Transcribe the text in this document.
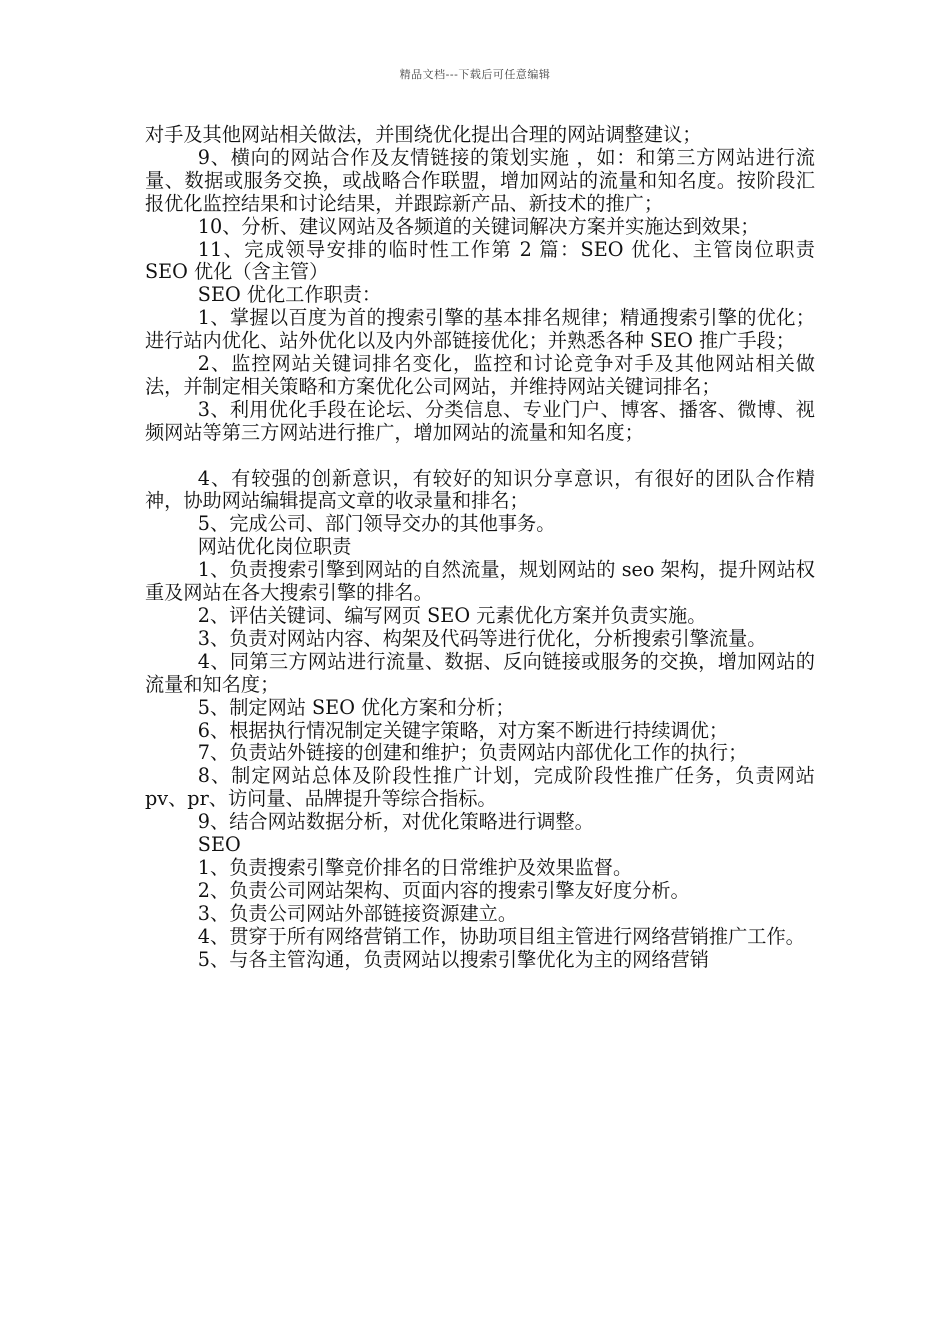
精品文档---下载后可任意编辑

对手及其他网站相关做法，并围绕优化提出合理的网站调整建议；

9、横向的网站合作及友情链接的策划实施 ，如：和第三方网站进行流量、数据或服务交换，或战略合作联盟，增加网站的流量和知名度。按阶段汇报优化监控结果和讨论结果，并跟踪新产品、新技术的推广；

10、分析、建议网站及各频道的关键词解决方案并实施达到效果；

11、完成领导安排的临时性工作第 2 篇：SEO 优化、主管岗位职责 SEO 优化（含主管）

SEO 优化工作职责：

1、掌握以百度为首的搜索引擎的基本排名规律；精通搜索引擎的优化；进行站内优化、站外优化以及内外部链接优化；并熟悉各种 SEO 推广手段；

2、监控网站关键词排名变化，监控和讨论竞争对手及其他网站相关做法，并制定相关策略和方案优化公司网站，并维持网站关键词排名；

3、利用优化手段在论坛、分类信息、专业门户、博客、播客、微博、视频网站等第三方网站进行推广，增加网站的流量和知名度；

4、有较强的创新意识，有较好的知识分享意识，有很好的团队合作精神，协助网站编辑提高文章的收录量和排名；

5、完成公司、部门领导交办的其他事务。

网站优化岗位职责

1、负责搜索引擎到网站的自然流量，规划网站的 seo 架构，提升网站权重及网站在各大搜索引擎的排名。

2、评估关键词、编写网页 SEO 元素优化方案并负责实施。

3、负责对网站内容、构架及代码等进行优化，分析搜索引擎流量。

4、同第三方网站进行流量、数据、反向链接或服务的交换，增加网站的流量和知名度；

5、制定网站 SEO 优化方案和分析；

6、根据执行情况制定关键字策略，对方案不断进行持续调优；

7、负责站外链接的创建和维护；负责网站内部优化工作的执行；

8、制定网站总体及阶段性推广计划，完成阶段性推广任务，负责网站 pv、pr、访问量、品牌提升等综合指标。

9、结合网站数据分析，对优化策略进行调整。

SEO

1、负责搜索引擎竞价排名的日常维护及效果监督。

2、负责公司网站架构、页面内容的搜索引擎友好度分析。

3、负责公司网站外部链接资源建立。

4、贯穿于所有网络营销工作，协助项目组主管进行网络营销推广工作。

5、与各主管沟通，负责网站以搜索引擎优化为主的网络营销
